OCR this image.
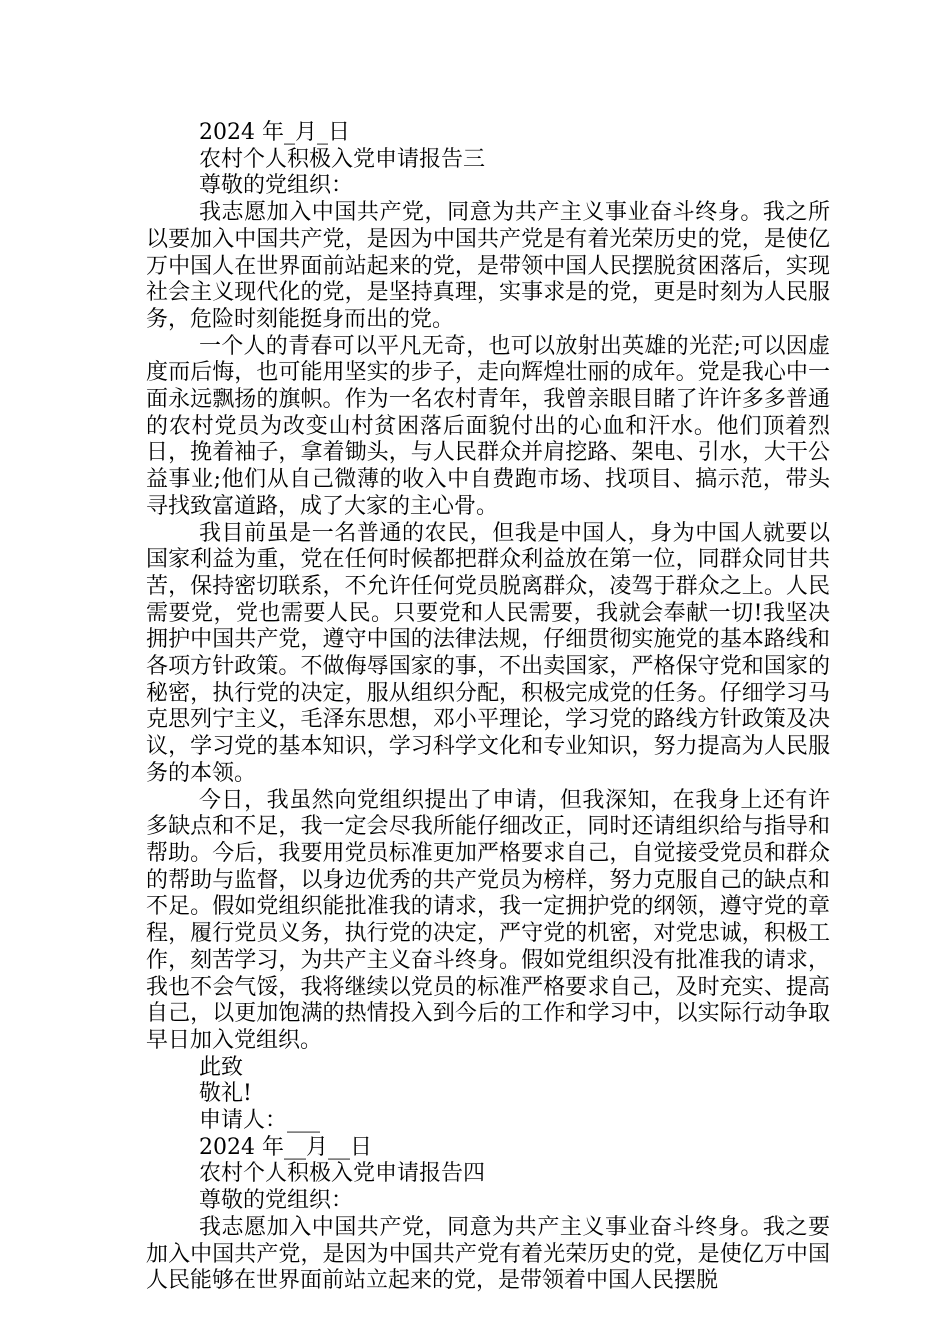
2024 年_月_日

农村个人积极入党申请报告三

尊敬的党组织：

我志愿加入中国共产党，同意为共产主义事业奋斗终身。我之所以要加入中国共产党，是因为中国共产党是有着光荣历史的党，是使亿万中国人在世界面前站起来的党，是带领中国人民摆脱贫困落后，实现社会主义现代化的党，是坚持真理，实事求是的党，更是时刻为人民服务，危险时刻能挺身而出的党。

一个人的青春可以平凡无奇，也可以放射出英雄的光茫;可以因虚度而后悔，也可能用坚实的步子，走向辉煌壮丽的成年。党是我心中一面永远飘扬的旗帜。作为一名农村青年，我曾亲眼目睹了许许多多普通的农村党员为改变山村贫困落后面貌付出的心血和汗水。他们顶着烈日，挽着袖子，拿着锄头，与人民群众并肩挖路、架电、引水，大干公益事业;他们从自己微薄的收入中自费跑市场、找项目、搞示范，带头寻找致富道路，成了大家的主心骨。

我目前虽是一名普通的农民，但我是中国人，身为中国人就要以国家利益为重，党在任何时候都把群众利益放在第一位，同群众同甘共苦，保持密切联系，不允许任何党员脱离群众，凌驾于群众之上。人民需要党，党也需要人民。只要党和人民需要，我就会奉献一切!我坚决拥护中国共产党，遵守中国的法律法规，仔细贯彻实施党的基本路线和各项方针政策。不做侮辱国家的事，不出卖国家，严格保守党和国家的秘密，执行党的决定，服从组织分配，积极完成党的任务。仔细学习马克思列宁主义，毛泽东思想，邓小平理论，学习党的路线方针政策及决议，学习党的基本知识，学习科学文化和专业知识，努力提高为人民服务的本领。

今日，我虽然向党组织提出了申请，但我深知，在我身上还有许多缺点和不足，我一定会尽我所能仔细改正，同时还请组织给与指导和帮助。今后，我要用党员标准更加严格要求自己，自觉接受党员和群众的帮助与监督，以身边优秀的共产党员为榜样，努力克服自己的缺点和不足。假如党组织能批准我的请求，我一定拥护党的纲领，遵守党的章程，履行党员义务，执行党的决定，严守党的机密，对党忠诚，积极工作，刻苦学习，为共产主义奋斗终身。假如党组织没有批准我的请求，我也不会气馁，我将继续以党员的标准严格要求自己，及时充实、提高自己，以更加饱满的热情投入到今后的工作和学习中，以实际行动争取早日加入党组织。

此致

敬礼!

申请人：___

2024 年__月__日

农村个人积极入党申请报告四

尊敬的党组织：

我志愿加入中国共产党，同意为共产主义事业奋斗终身。我之要加入中国共产党，是因为中国共产党有着光荣历史的党，是使亿万中国人民能够在世界面前站立起来的党，是带领着中国人民摆脱
